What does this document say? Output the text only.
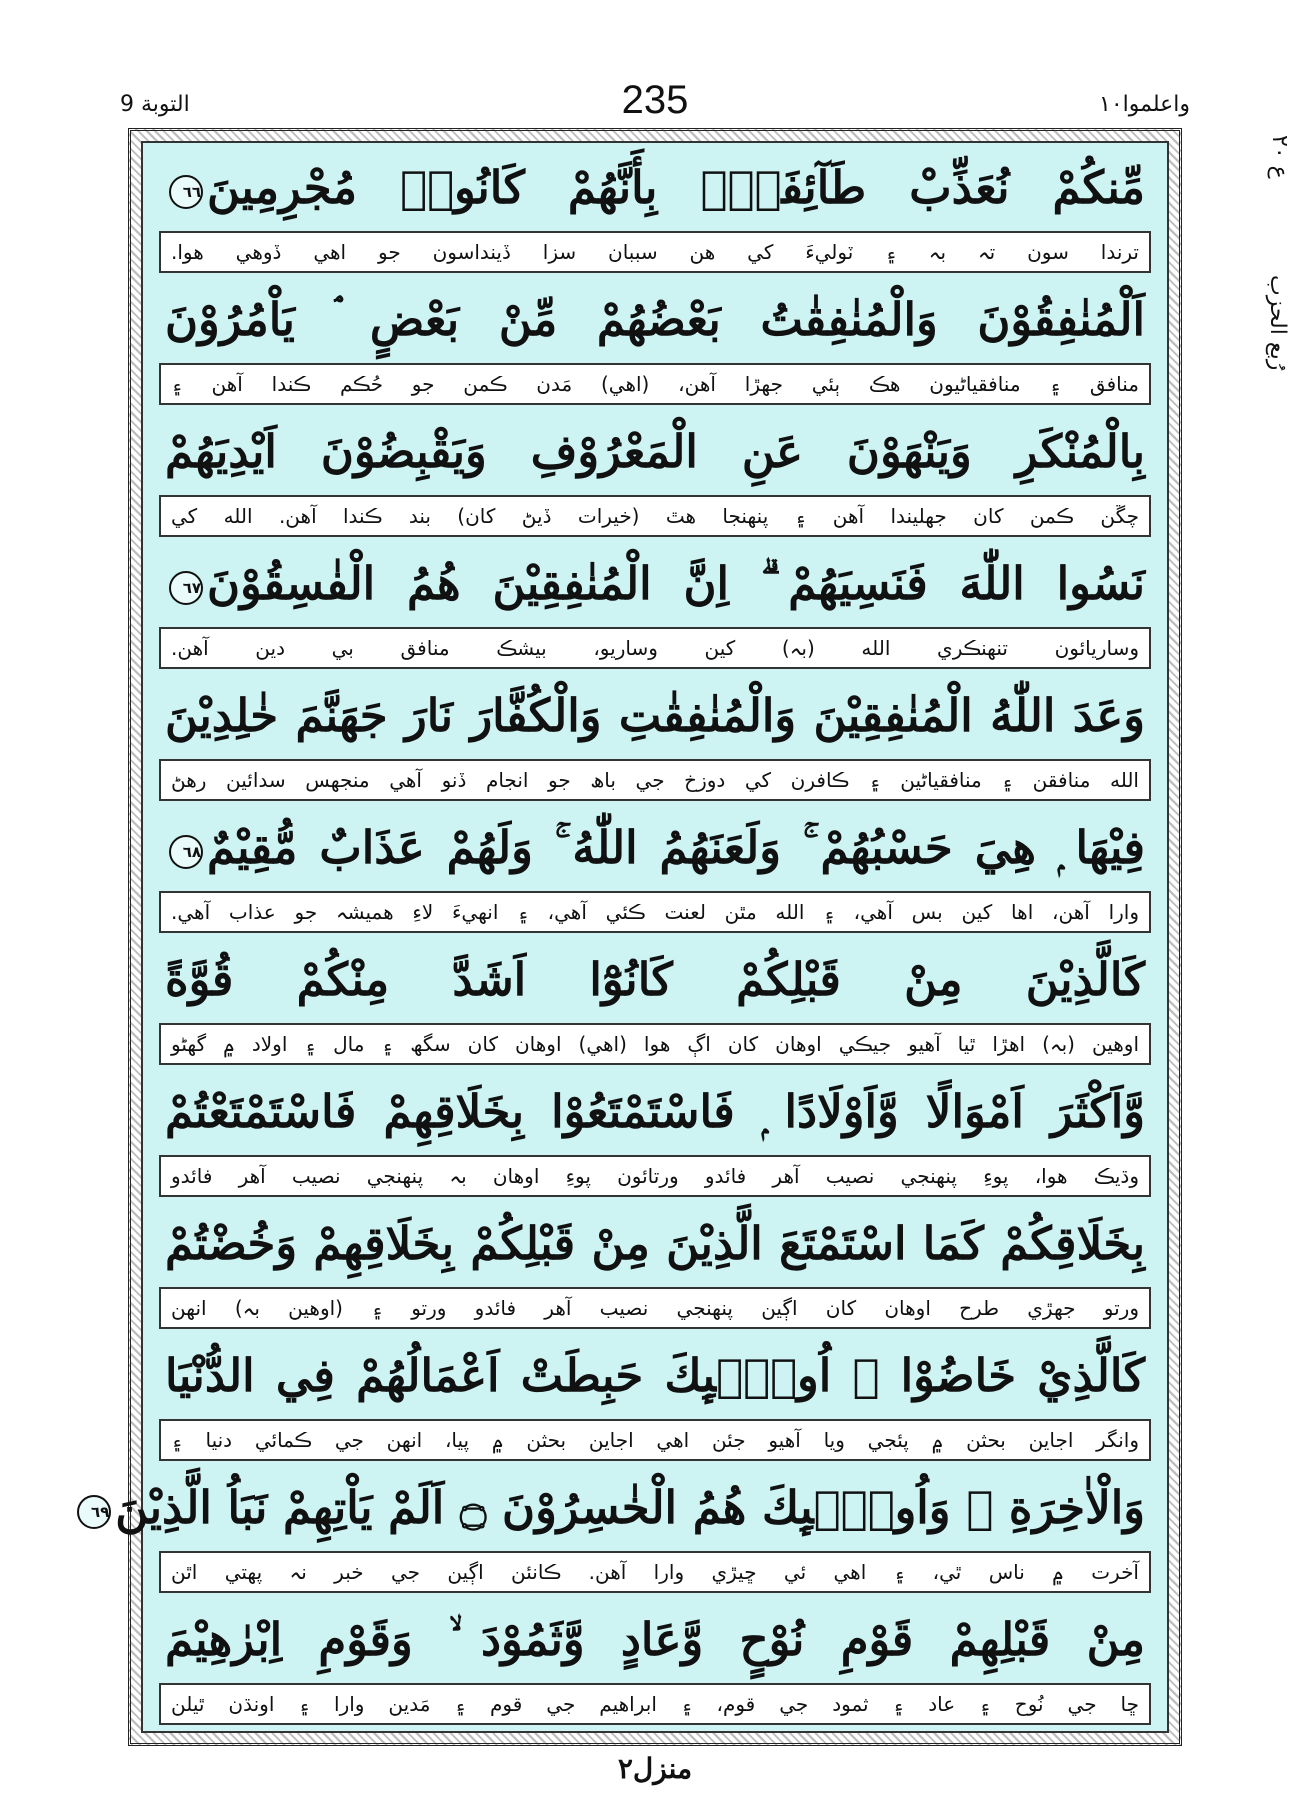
واعلموا١٠
235
التوبة 9
ع ٢٠
رُبع الحزب
مِّنكُمْ نُعَذِّبْ طَآئِفَةًۢ بِأَنَّهُمْ كَانُوا۟ مُجْرِمِينَ٦٦
ترندا سون تہ بہ ۽ ٽوليءَ کي ھن سببان سزا ڏينداسون جو اھي ڏوھي ھوا.
اَلْمُنٰفِقُوْنَ وَالْمُنٰفِقٰتُ بَعْضُهُمْ مِّنْ بَعْضٍ ۘ يَاْمُرُوْنَ
منافق ۽ منافقياڻيون ھڪ ٻئي جھڙا آھن، (اھي) مَدن ڪمن جو حُڪم ڪندا آھن ۽
بِالْمُنْكَرِ وَيَنْهَوْنَ عَنِ الْمَعْرُوْفِ وَيَقْبِضُوْنَ اَيْدِيَهُمْ
چڱن ڪمن کان جھليندا آھن ۽ پنھنجا ھٿ (خيرات ڏيڻ کان) بند ڪندا آھن. الله کي
نَسُوا اللّٰهَ فَنَسِيَهُمْ ۗ اِنَّ الْمُنٰفِقِيْنَ هُمُ الْفٰسِقُوْنَ٦٧
وساريائون تنھنڪري الله (بہ) کين وساريو، بيشڪ منافق بي دين آھن.
وَعَدَ اللّٰهُ الْمُنٰفِقِيْنَ وَالْمُنٰفِقٰتِ وَالْكُفَّارَ نَارَ جَهَنَّمَ خٰلِدِيْنَ
الله منافقن ۽ منافقياڻين ۽ ڪافرن کي دوزخ جي باھ جو انجام ڏنو آھي منجھس سدائين رھڻ
فِيْهَا ۭ هِيَ حَسْبُهُمْ ۚ وَلَعَنَهُمُ اللّٰهُ ۚ وَلَهُمْ عَذَابٌ مُّقِيْمٌ٦٨
وارا آھن، اھا کين بس آھي، ۽ الله مٿن لعنت ڪئي آھي، ۽ انھيءَ لاءِ ھميشہ جو عذاب آھي.
كَالَّذِيْنَ مِنْ قَبْلِكُمْ كَانُوْٓا اَشَدَّ مِنْكُمْ قُوَّةً
اوھين (بہ) اھڙا ٿيا آھيو جيڪي اوھان کان اڳ ھوا (اھي) اوھان کان سگھ ۽ مال ۽ اولاد ۾ گھڻو
وَّاَكْثَرَ اَمْوَالًا وَّاَوْلَادًا ۭ فَاسْتَمْتَعُوْا بِخَلَاقِهِمْ فَاسْتَمْتَعْتُمْ
وڌيڪ ھوا، پوءِ پنھنجي نصيب آھر فائدو ورتائون پوءِ اوھان بہ پنھنجي نصيب آھر فائدو
بِخَلَاقِكُمْ كَمَا اسْتَمْتَعَ الَّذِيْنَ مِنْ قَبْلِكُمْ بِخَلَاقِهِمْ وَخُضْتُمْ
ورتو جھڙي طرح اوھان کان اڳين پنھنجي نصيب آھر فائدو ورتو ۽ (اوھين بہ) انھن
كَالَّذِيْ خَاضُوْا ۭ اُولٰۗىِٕكَ حَبِطَتْ اَعْمَالُهُمْ فِي الدُّنْيَا
وانگر اجاين بحثن ۾ پئجي ويا آھيو جئن اھي اجاين بحثن ۾ پيا، انھن جي ڪمائي دنيا ۽
وَالْاٰخِرَةِ ۚ وَاُولٰۗىِٕكَ هُمُ الْخٰسِرُوْنَ ۝ اَلَمْ يَاْتِهِمْ نَبَاُ الَّذِيْنَ٦٩
آخرت ۾ ناس ٿي، ۽ اھي ئي ڇيڙي وارا آھن. ڪانئن اڳين جي خبر نہ پھتي اٿن
مِنْ قَبْلِهِمْ قَوْمِ نُوْحٍ وَّعَادٍ وَّثَمُوْدَ ۙ وَقَوْمِ اِبْرٰهِيْمَ
ڇا جي نُوح ۽ عاد ۽ ثمود جي قوم، ۽ ابراھيم جي قوم ۽ مَدين وارا ۽ اونڌن ٿيلن
منزل٢
